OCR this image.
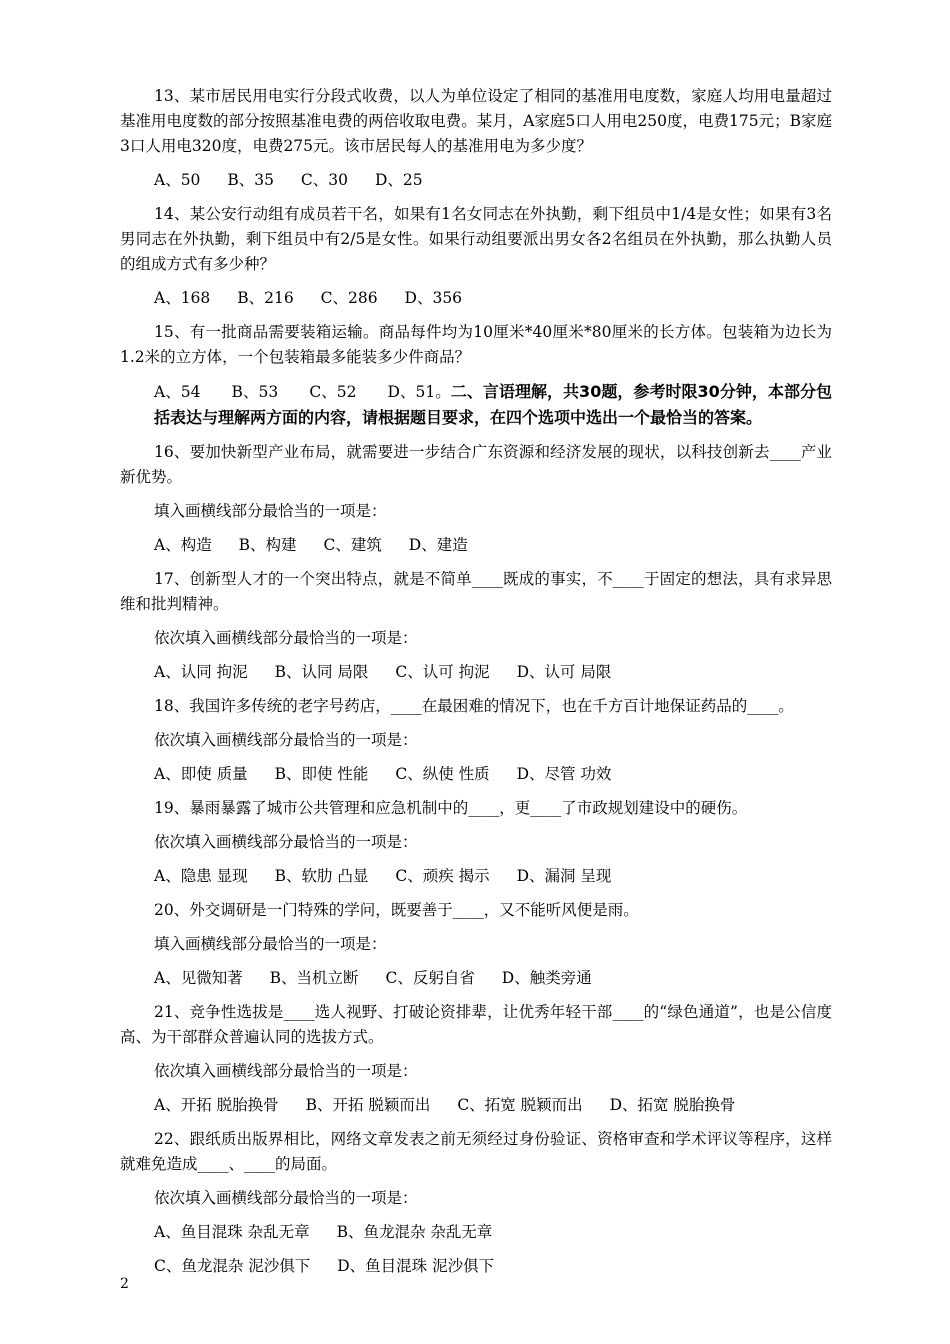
13、某市居民用电实行分段式收费，以人为单位设定了相同的基准用电度数，家庭人均用电量超过基准用电度数的部分按照基准电费的两倍收取电费。某月，A家庭5口人用电250度，电费175元；B家庭3口人用电320度，电费275元。该市居民每人的基准用电为多少度？

A、50 B、35 C、30 D、25

14、某公安行动组有成员若干名，如果有1名女同志在外执勤，剩下组员中1/4是女性；如果有3名男同志在外执勤，剩下组员中有2/5是女性。如果行动组要派出男女各2名组员在外执勤，那么执勤人员的组成方式有多少种？

A、168 B、216 C、286 D、356

15、有一批商品需要装箱运输。商品每件均为10厘米*40厘米*80厘米的长方体。包装箱为边长为1.2米的立方体，一个包装箱最多能装多少件商品？

A、54　　B、53　　C、52　　D、51。二、言语理解，共30题，参考时限30分钟，本部分包括表达与理解两方面的内容，请根据题目要求，在四个选项中选出一个最恰当的答案。

16、要加快新型产业布局，就需要进一步结合广东资源和经济发展的现状，以科技创新去____产业新优势。

填入画横线部分最恰当的一项是：

A、构造 B、构建 C、建筑 D、建造

17、创新型人才的一个突出特点，就是不简单____既成的事实，不____于固定的想法，具有求异思维和批判精神。

依次填入画横线部分最恰当的一项是：

A、认同 拘泥 B、认同 局限 C、认可 拘泥 D、认可 局限

18、我国许多传统的老字号药店，____在最困难的情况下，也在千方百计地保证药品的____。

依次填入画横线部分最恰当的一项是：

A、即使 质量 B、即使 性能 C、纵使 性质 D、尽管 功效

19、暴雨暴露了城市公共管理和应急机制中的____，更____了市政规划建设中的硬伤。

依次填入画横线部分最恰当的一项是：

A、隐患 显现 B、软肋 凸显 C、顽疾 揭示 D、漏洞 呈现

20、外交调研是一门特殊的学问，既要善于____，又不能听风便是雨。

填入画横线部分最恰当的一项是：

A、见微知著 B、当机立断 C、反躬自省 D、触类旁通

21、竞争性选拔是____选人视野、打破论资排辈，让优秀年轻干部____的“绿色通道”，也是公信度高、为干部群众普遍认同的选拔方式。

依次填入画横线部分最恰当的一项是：

A、开拓 脱胎换骨 B、开拓 脱颖而出 C、拓宽 脱颖而出 D、拓宽 脱胎换骨

22、跟纸质出版界相比，网络文章发表之前无须经过身份验证、资格审查和学术评议等程序，这样就难免造成____、____的局面。

依次填入画横线部分最恰当的一项是：

A、鱼目混珠 杂乱无章 B、鱼龙混杂 杂乱无章

C、鱼龙混杂 泥沙俱下 D、鱼目混珠 泥沙俱下

2
